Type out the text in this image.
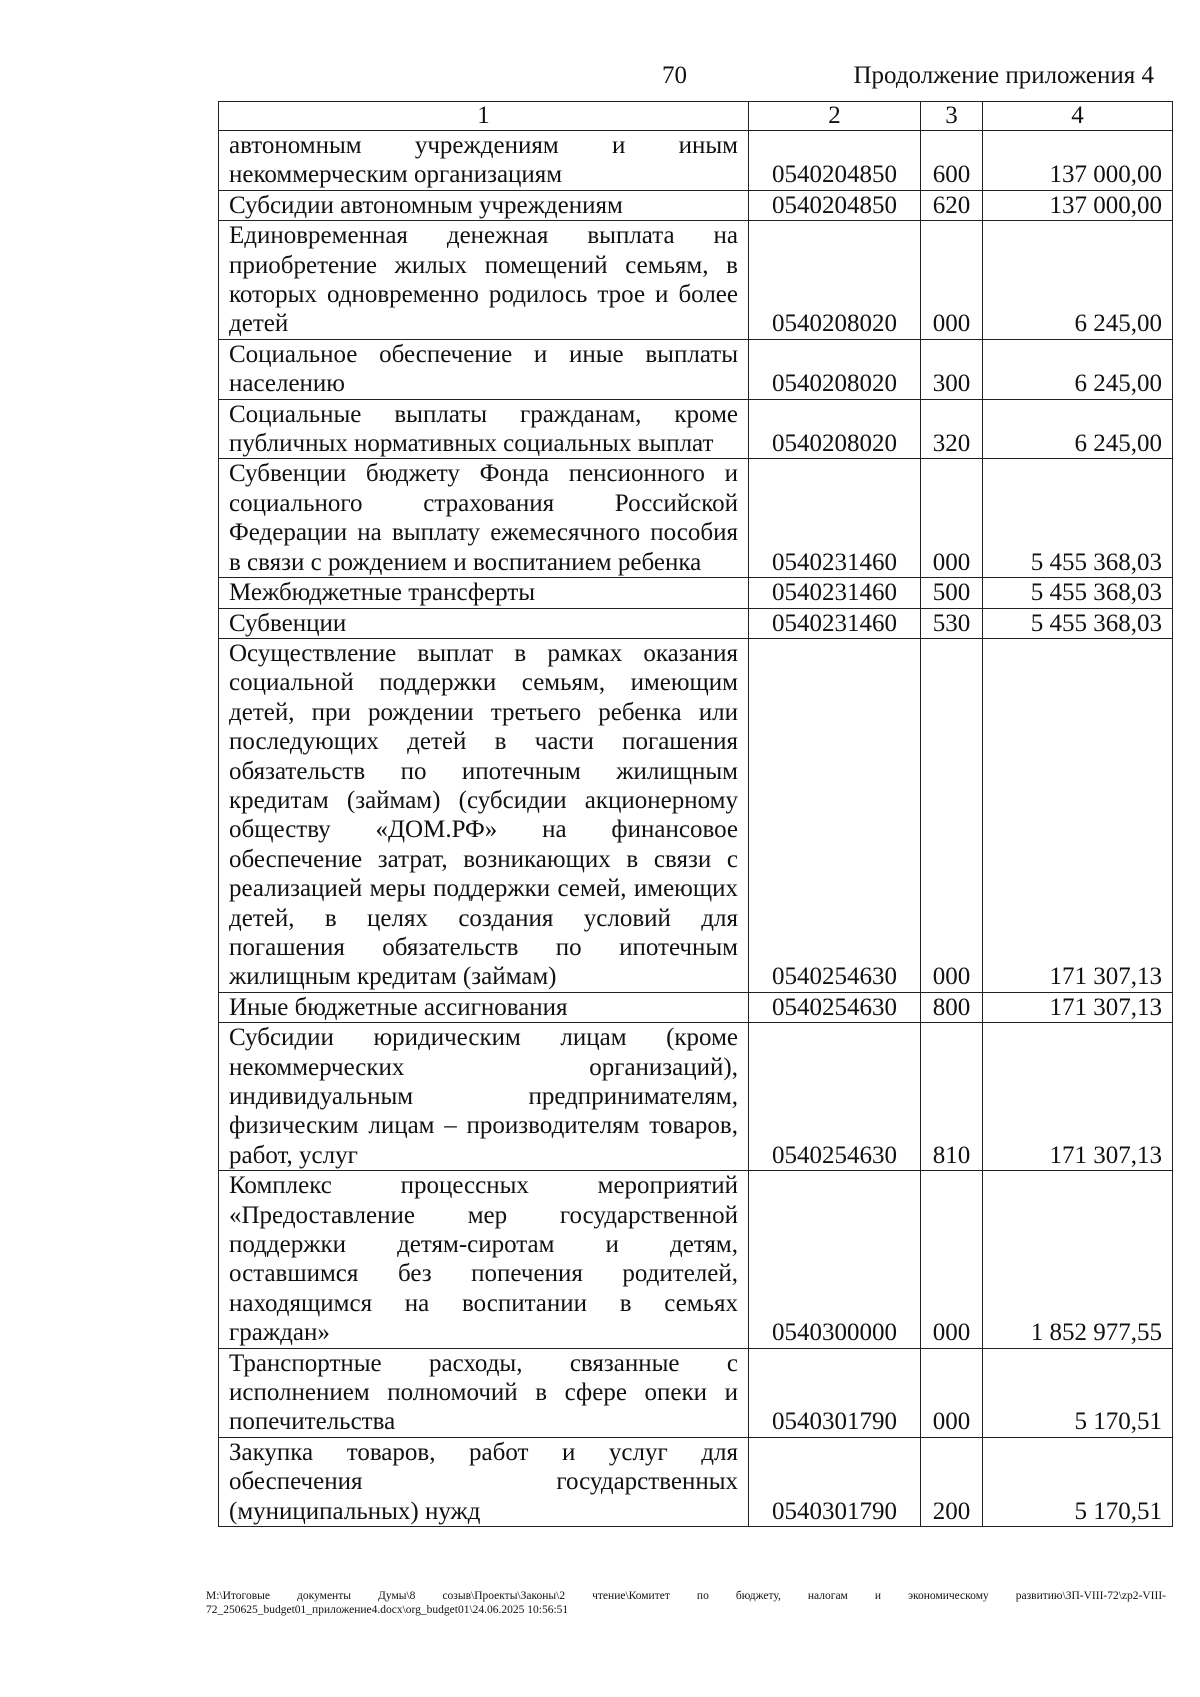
70	Продолжение приложения 4
1	2	3	4
автономным учреждениям и иным некоммерческим организациям	0540204850	600	137 000,00
Субсидии автономным учреждениям	0540204850	620	137 000,00
Единовременная денежная выплата на приобретение жилых помещений семьям, в которых одновременно родилось трое и более детей	0540208020	000	6 245,00
Социальное обеспечение и иные выплаты населению	0540208020	300	6 245,00
Социальные выплаты гражданам, кроме публичных нормативных социальных выплат	0540208020	320	6 245,00
Субвенции бюджету Фонда пенсионного и социального страхования Российской Федерации на выплату ежемесячного пособия в связи с рождением и воспитанием ребенка	0540231460	000	5 455 368,03
Межбюджетные трансферты	0540231460	500	5 455 368,03
Субвенции	0540231460	530	5 455 368,03
Осуществление выплат в рамках оказания социальной поддержки семьям, имеющим детей, при рождении третьего ребенка или последующих детей в части погашения обязательств по ипотечным жилищным кредитам (займам) (субсидии акционерному обществу «ДОМ.РФ» на финансовое обеспечение затрат, возникающих в связи с реализацией меры поддержки семей, имеющих детей, в целях создания условий для погашения обязательств по ипотечным жилищным кредитам (займам)	0540254630	000	171 307,13
Иные бюджетные ассигнования	0540254630	800	171 307,13
Субсидии юридическим лицам (кроме некоммерческих организаций), индивидуальным предпринимателям, физическим лицам – производителям товаров, работ, услуг	0540254630	810	171 307,13
Комплекс процессных мероприятий «Предоставление мер государственной поддержки детям-сиротам и детям, оставшимся без попечения родителей, находящимся на воспитании в семьях граждан»	0540300000	000	1 852 977,55
Транспортные расходы, связанные с исполнением полномочий в сфере опеки и попечительства	0540301790	000	5 170,51
Закупка товаров, работ и услуг для обеспечения государственных (муниципальных) нужд	0540301790	200	5 170,51
M:\Итоговые документы Думы\8 созыв\Проекты\Законы\2 чтение\Комитет по бюджету, налогам и экономическому развитию\ЗП-VIII-72\zp2-VIII-72_250625_budget01_приложение4.docx\org_budget01\24.06.2025 10:56:51
